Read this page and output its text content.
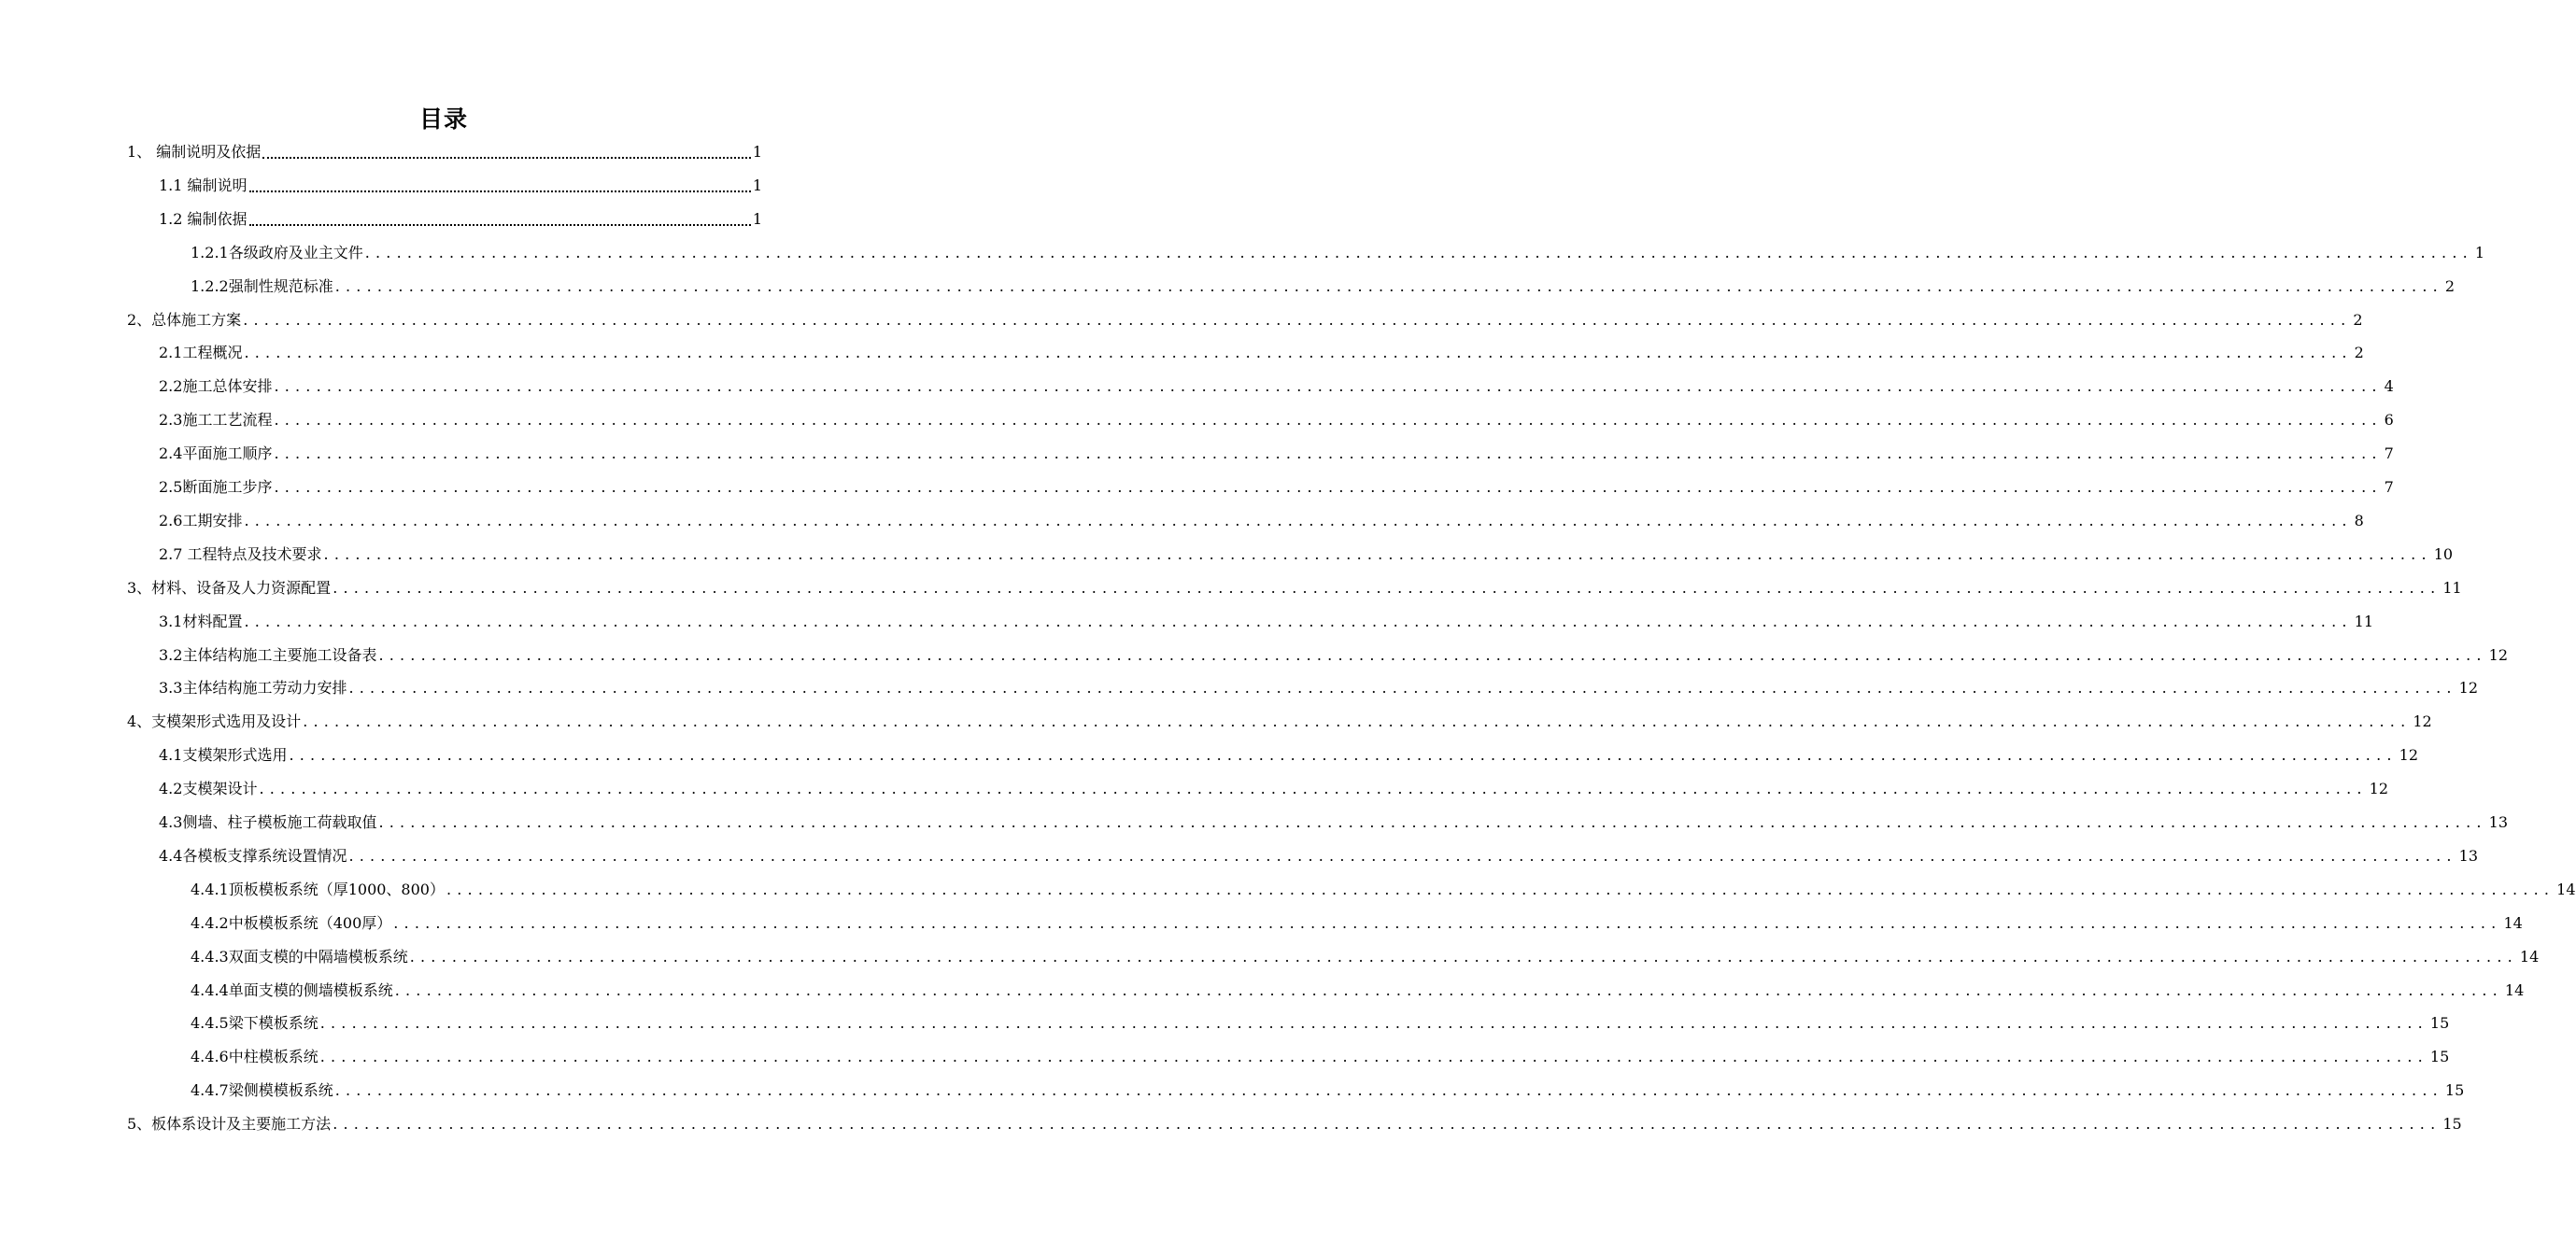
目录
1、 编制说明及依据	1
1.1 编制说明	1
1.2 编制依据	1
1.2.1各级政府及业主文件 ........................................................................................................................................................................................................ 1
1.2.2强制性规范标准 ........................................................................................................................................................................................................ 2
2、总体施工方案 ........................................................................................................................................................................................................ 2
2.1工程概况 ........................................................................................................................................................................................................ 2
2.2施工总体安排 ........................................................................................................................................................................................................ 4
2.3施工工艺流程 ........................................................................................................................................................................................................ 6
2.4平面施工顺序 ........................................................................................................................................................................................................ 7
2.5断面施工步序 ........................................................................................................................................................................................................ 7
2.6工期安排 ........................................................................................................................................................................................................ 8
2.7 工程特点及技术要求 ........................................................................................................................................................................................................ 10
3、材料、设备及人力资源配置 ........................................................................................................................................................................................................ 11
3.1材料配置 ........................................................................................................................................................................................................ 11
3.2主体结构施工主要施工设备表 ........................................................................................................................................................................................................ 12
3.3主体结构施工劳动力安排 ........................................................................................................................................................................................................ 12
4、支模架形式选用及设计 ........................................................................................................................................................................................................ 12
4.1支模架形式选用 ........................................................................................................................................................................................................ 12
4.2支模架设计 ........................................................................................................................................................................................................ 12
4.3侧墙、柱子模板施工荷载取值 ........................................................................................................................................................................................................ 13
4.4各模板支撑系统设置情况 ........................................................................................................................................................................................................ 13
4.4.1顶板模板系统（厚1000、800） ........................................................................................................................................................................................................ 14
4.4.2中板模板系统（400厚） ........................................................................................................................................................................................................ 14
4.4.3双面支模的中隔墙模板系统 ........................................................................................................................................................................................................ 14
4.4.4单面支模的侧墙模板系统 ........................................................................................................................................................................................................ 14
4.4.5梁下模板系统 ........................................................................................................................................................................................................ 15
4.4.6中柱模板系统 ........................................................................................................................................................................................................ 15
4.4.7梁侧模模板系统 ........................................................................................................................................................................................................ 15
5、板体系设计及主要施工方法 ........................................................................................................................................................................................................ 15
